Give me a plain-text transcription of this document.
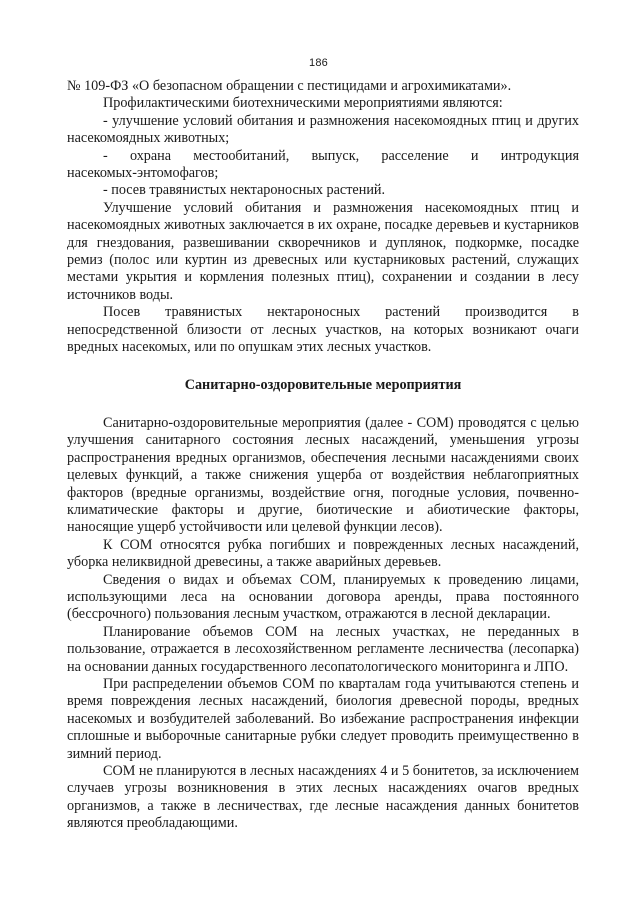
186

№ 109-ФЗ «О безопасном обращении с пестицидами и агрохимикатами».

Профилактическими биотехническими мероприятиями являются:

- улучшение условий обитания и размножения насекомоядных птиц и других насекомоядных животных;

- охрана местообитаний, выпуск, расселение и интродукция насекомых-энтомофагов;

- посев травянистых нектароносных растений.

Улучшение условий обитания и размножения насекомоядных птиц и насекомоядных животных заключается в их охране, посадке деревьев и кустарников для гнездования, развешивании скворечников и дуплянок, подкормке, посадке ремиз (полос или куртин из древесных или кустарниковых растений, служащих местами укрытия и кормления полезных птиц), сохранении и создании в лесу источников воды.

Посев травянистых нектароносных растений производится в непосредственной близости от лесных участков, на которых возникают очаги вредных насекомых, или по опушкам этих лесных участков.

Санитарно-оздоровительные мероприятия

Санитарно-оздоровительные мероприятия (далее - СОМ) проводятся с целью улучшения санитарного состояния лесных насаждений, уменьшения угрозы распространения вредных организмов, обеспечения лесными насаждениями своих целевых функций, а также снижения ущерба от воздействия неблагоприятных факторов (вредные организмы, воздействие огня, погодные условия, почвенно-климатические факторы и другие, биотические и абиотические факторы, наносящие ущерб устойчивости или целевой функции лесов).

К СОМ относятся рубка погибших и поврежденных лесных насаждений, уборка неликвидной древесины, а также аварийных деревьев.

Сведения о видах и объемах СОМ, планируемых к проведению лицами, использующими леса на основании договора аренды, права постоянного (бессрочного) пользования лесным участком, отражаются в лесной декларации.

Планирование объемов СОМ на лесных участках, не переданных в пользование, отражается в лесохозяйственном регламенте лесничества (лесопарка) на основании данных государственного лесопатологического мониторинга и ЛПО.

При распределении объемов СОМ по кварталам года учитываются степень и время повреждения лесных насаждений, биология древесной породы, вредных насекомых и возбудителей заболеваний. Во избежание распространения инфекции сплошные и выборочные санитарные рубки следует проводить преимущественно в зимний период.

СОМ не планируются в лесных насаждениях 4 и 5 бонитетов, за исключением случаев угрозы возникновения в этих лесных насаждениях очагов вредных организмов, а также в лесничествах, где лесные насаждения данных бонитетов являются преобладающими.
